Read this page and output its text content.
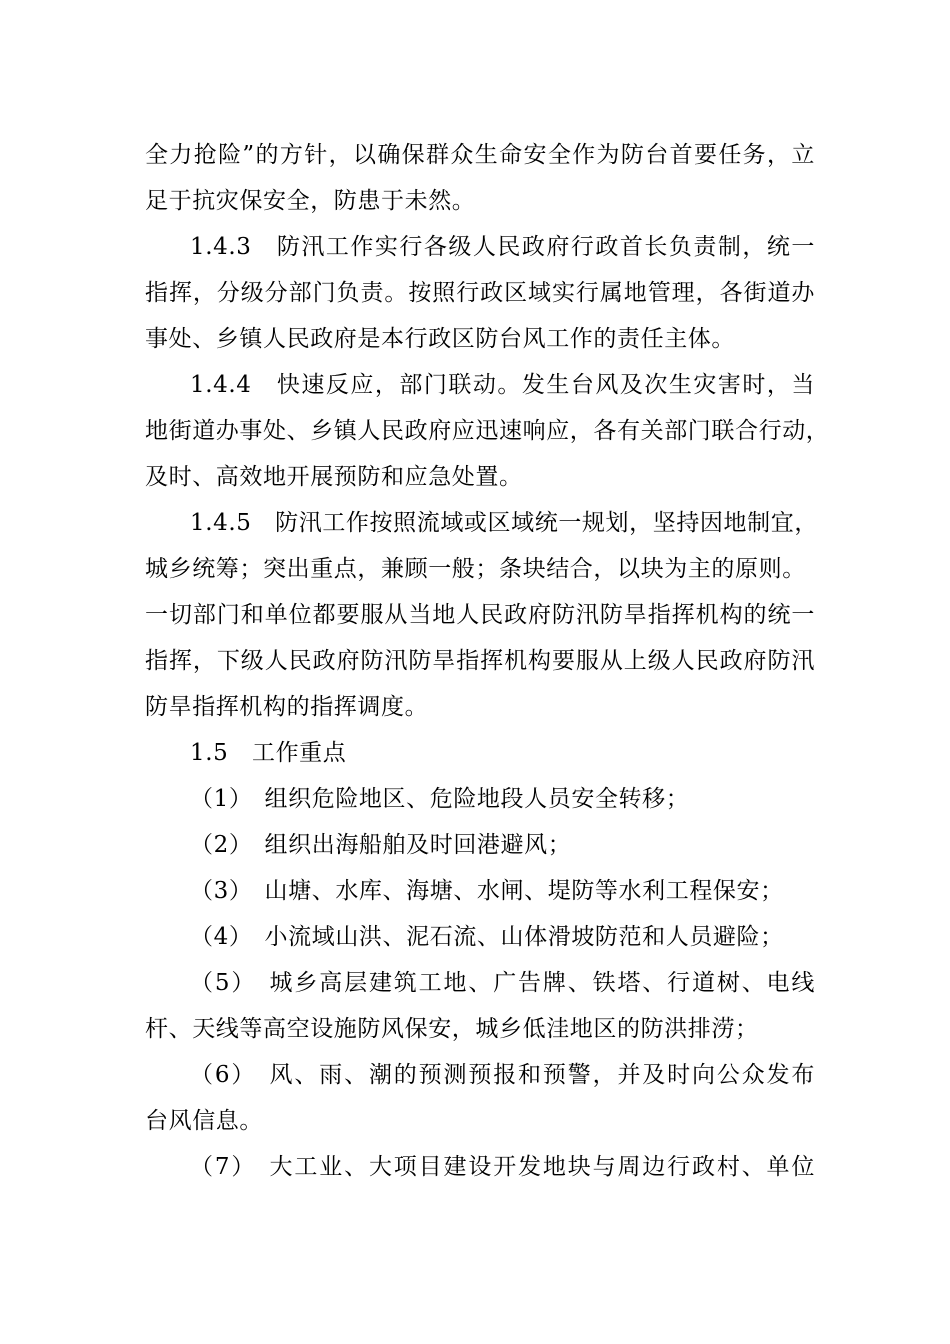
全力抢险”的方针，以确保群众生命安全作为防台首要任务，立
足于抗灾保安全，防患于未然。
1.4.3　防汛工作实行各级人民政府行政首长负责制，统一
指挥，分级分部门负责。按照行政区域实行属地管理，各街道办
事处、乡镇人民政府是本行政区防台风工作的责任主体。
1.4.4　快速反应，部门联动。发生台风及次生灾害时，当
地街道办事处、乡镇人民政府应迅速响应，各有关部门联合行动，
及时、高效地开展预防和应急处置。
1.4.5　防汛工作按照流域或区域统一规划，坚持因地制宜，
城乡统筹；突出重点，兼顾一般；条块结合，以块为主的原则。
一切部门和单位都要服从当地人民政府防汛防旱指挥机构的统一
指挥，下级人民政府防汛防旱指挥机构要服从上级人民政府防汛
防旱指挥机构的指挥调度。
1.5　工作重点
（1）　组织危险地区、危险地段人员安全转移；
（2）　组织出海船舶及时回港避风；
（3）　山塘、水库、海塘、水闸、堤防等水利工程保安；
（4）　小流域山洪、泥石流、山体滑坡防范和人员避险；
（5）　城乡高层建筑工地、广告牌、铁塔、行道树、电线
杆、天线等高空设施防风保安，城乡低洼地区的防洪排涝；
（6）　风、雨、潮的预测预报和预警，并及时向公众发布
台风信息。
（7）　大工业、大项目建设开发地块与周边行政村、单位
